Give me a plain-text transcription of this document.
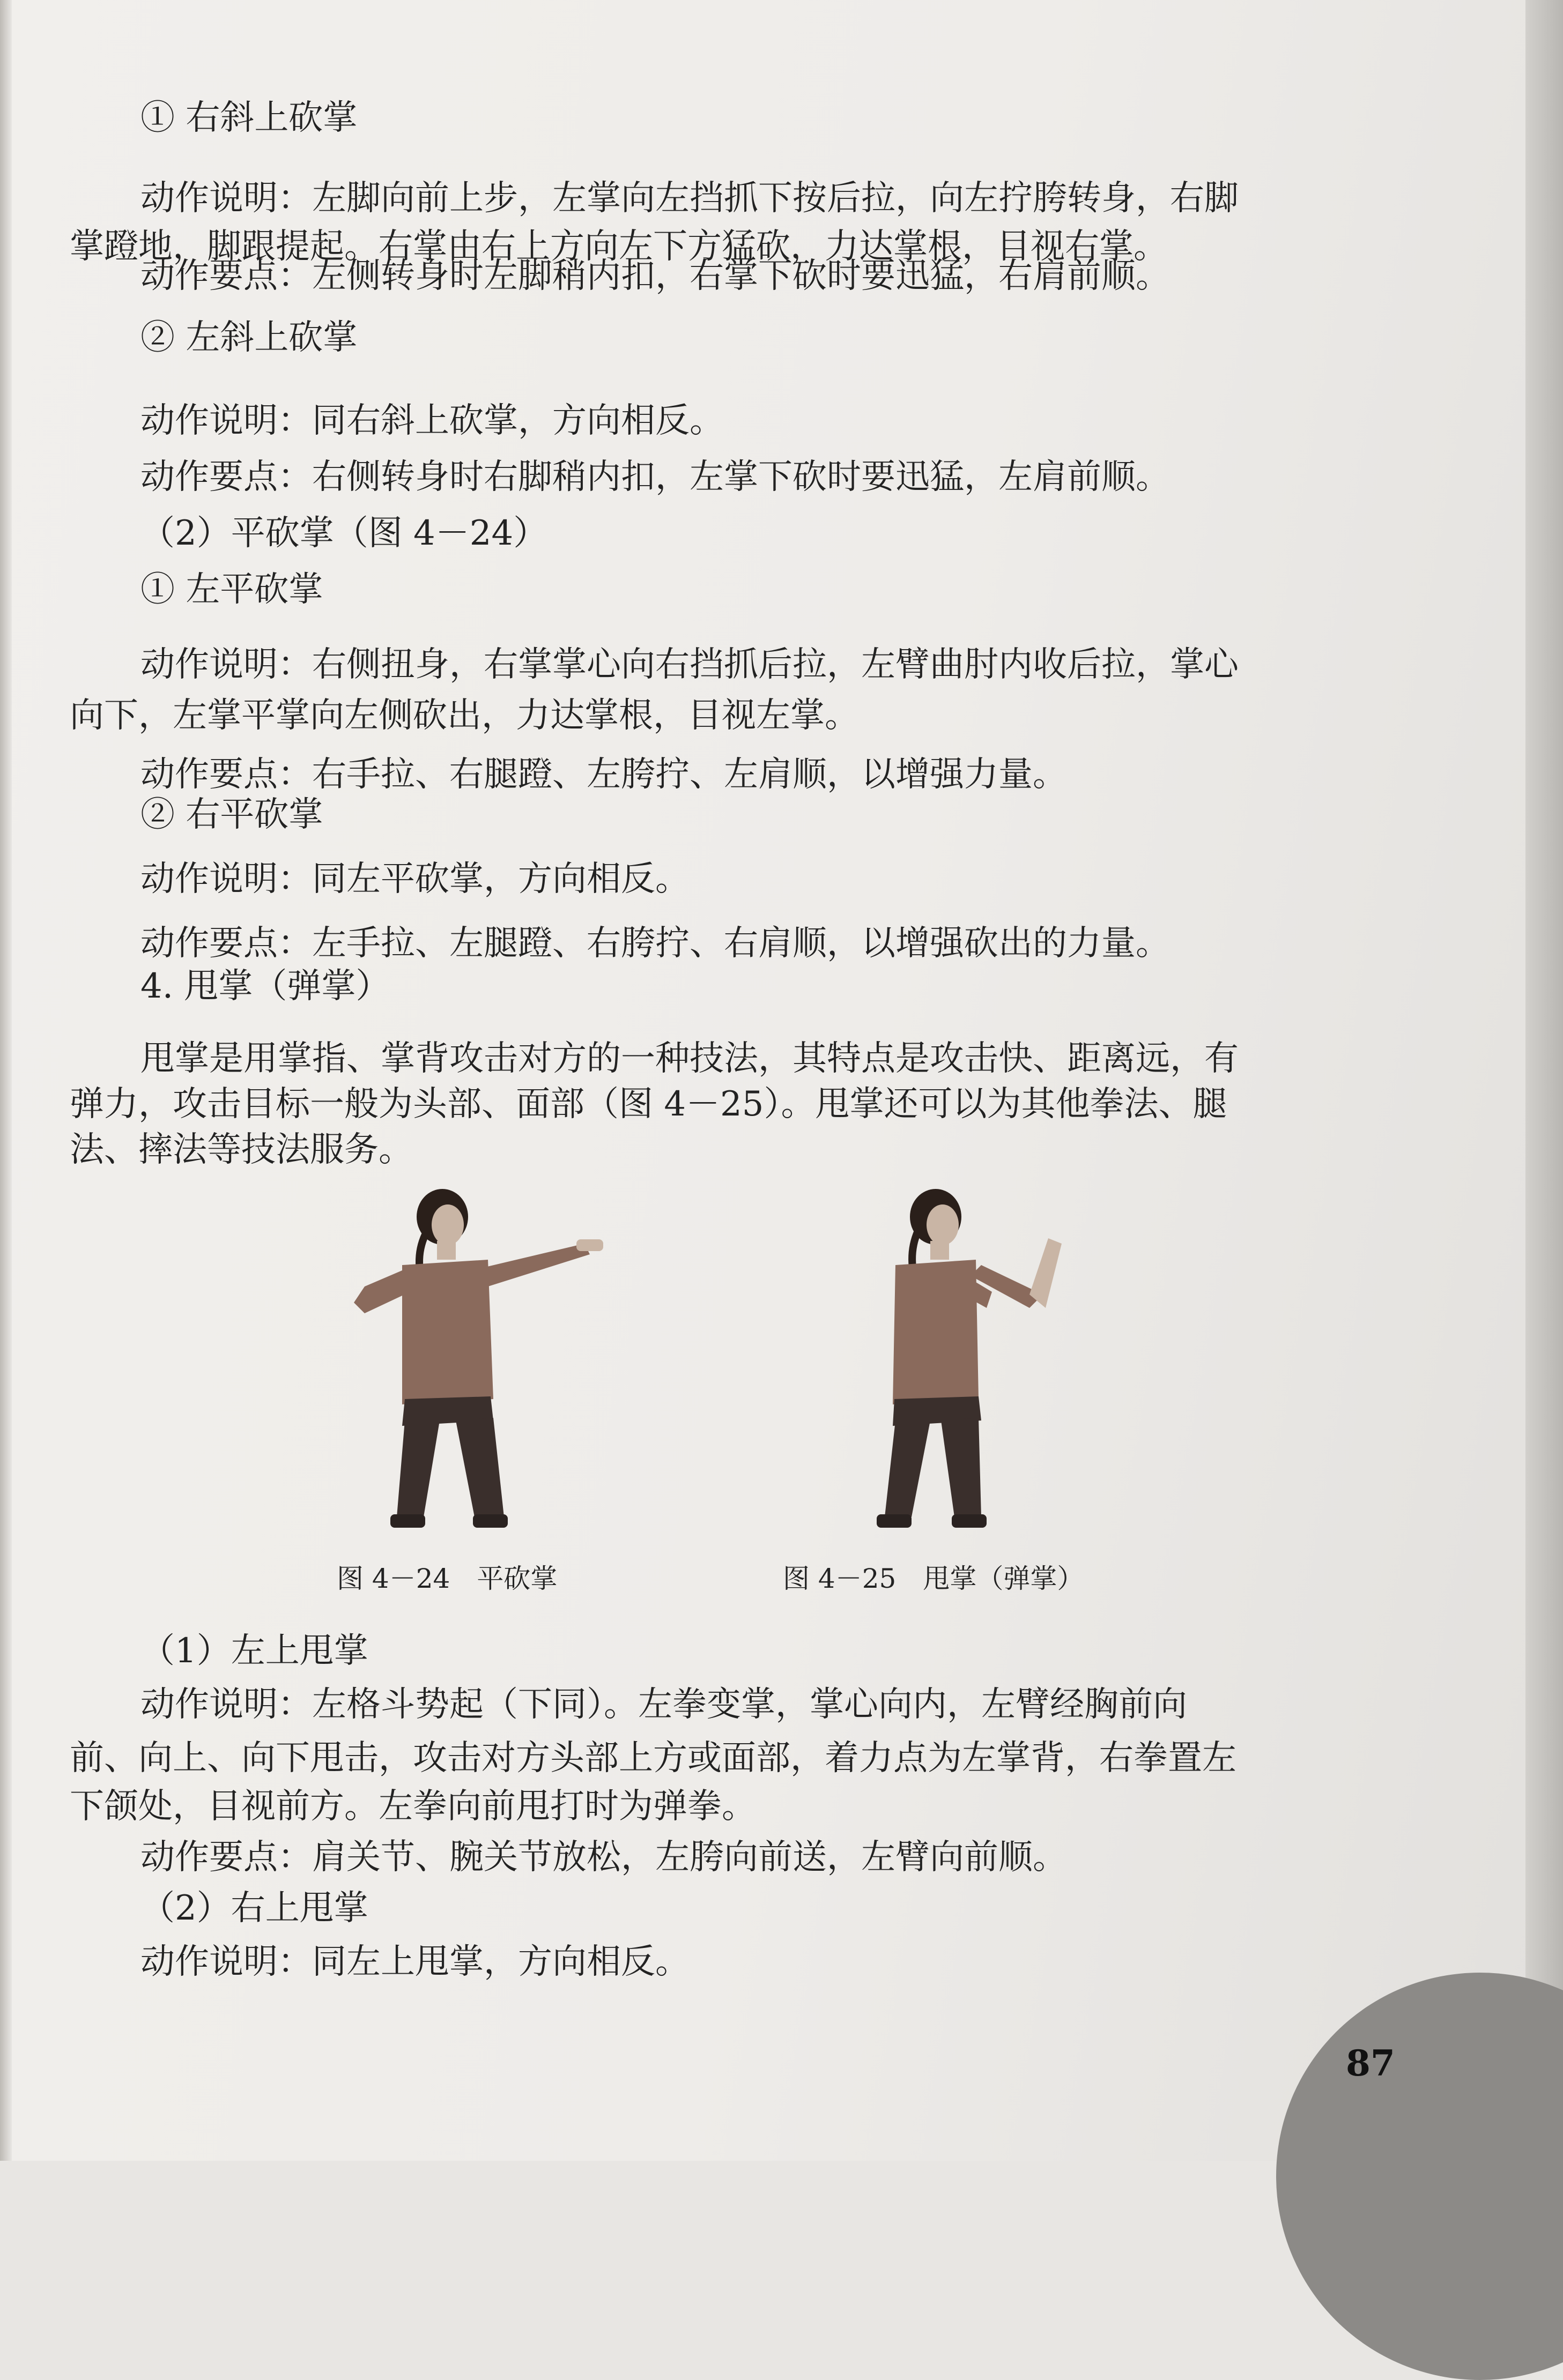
① 右斜上砍掌
动作说明：左脚向前上步，左掌向左挡抓下按后拉，向左拧胯转身，右脚
掌蹬地，脚跟提起。右掌由右上方向左下方猛砍，力达掌根，目视右掌。
动作要点：左侧转身时左脚稍内扣，右掌下砍时要迅猛，右肩前顺。
② 左斜上砍掌
动作说明：同右斜上砍掌，方向相反。
动作要点：右侧转身时右脚稍内扣，左掌下砍时要迅猛，左肩前顺。
（2）平砍掌（图 4－24）
① 左平砍掌
动作说明：右侧扭身，右掌掌心向右挡抓后拉，左臂曲肘内收后拉，掌心
向下，左掌平掌向左侧砍出，力达掌根，目视左掌。
动作要点：右手拉、右腿蹬、左胯拧、左肩顺，以增强力量。
② 右平砍掌
动作说明：同左平砍掌，方向相反。
动作要点：左手拉、左腿蹬、右胯拧、右肩顺，以增强砍出的力量。
4. 甩掌（弹掌）
甩掌是用掌指、掌背攻击对方的一种技法，其特点是攻击快、距离远，有
弹力，攻击目标一般为头部、面部（图 4－25）。甩掌还可以为其他拳法、腿
法、摔法等技法服务。
图 4－24　平砍掌	图 4－25　甩掌（弹掌）
（1）左上甩掌
动作说明：左格斗势起（下同）。左拳变掌，掌心向内，左臂经胸前向
前、向上、向下甩击，攻击对方头部上方或面部，着力点为左掌背，右拳置左
下颌处，目视前方。左拳向前甩打时为弹拳。
动作要点：肩关节、腕关节放松，左胯向前送，左臂向前顺。
（2）右上甩掌
动作说明：同左上甩掌，方向相反。
87
